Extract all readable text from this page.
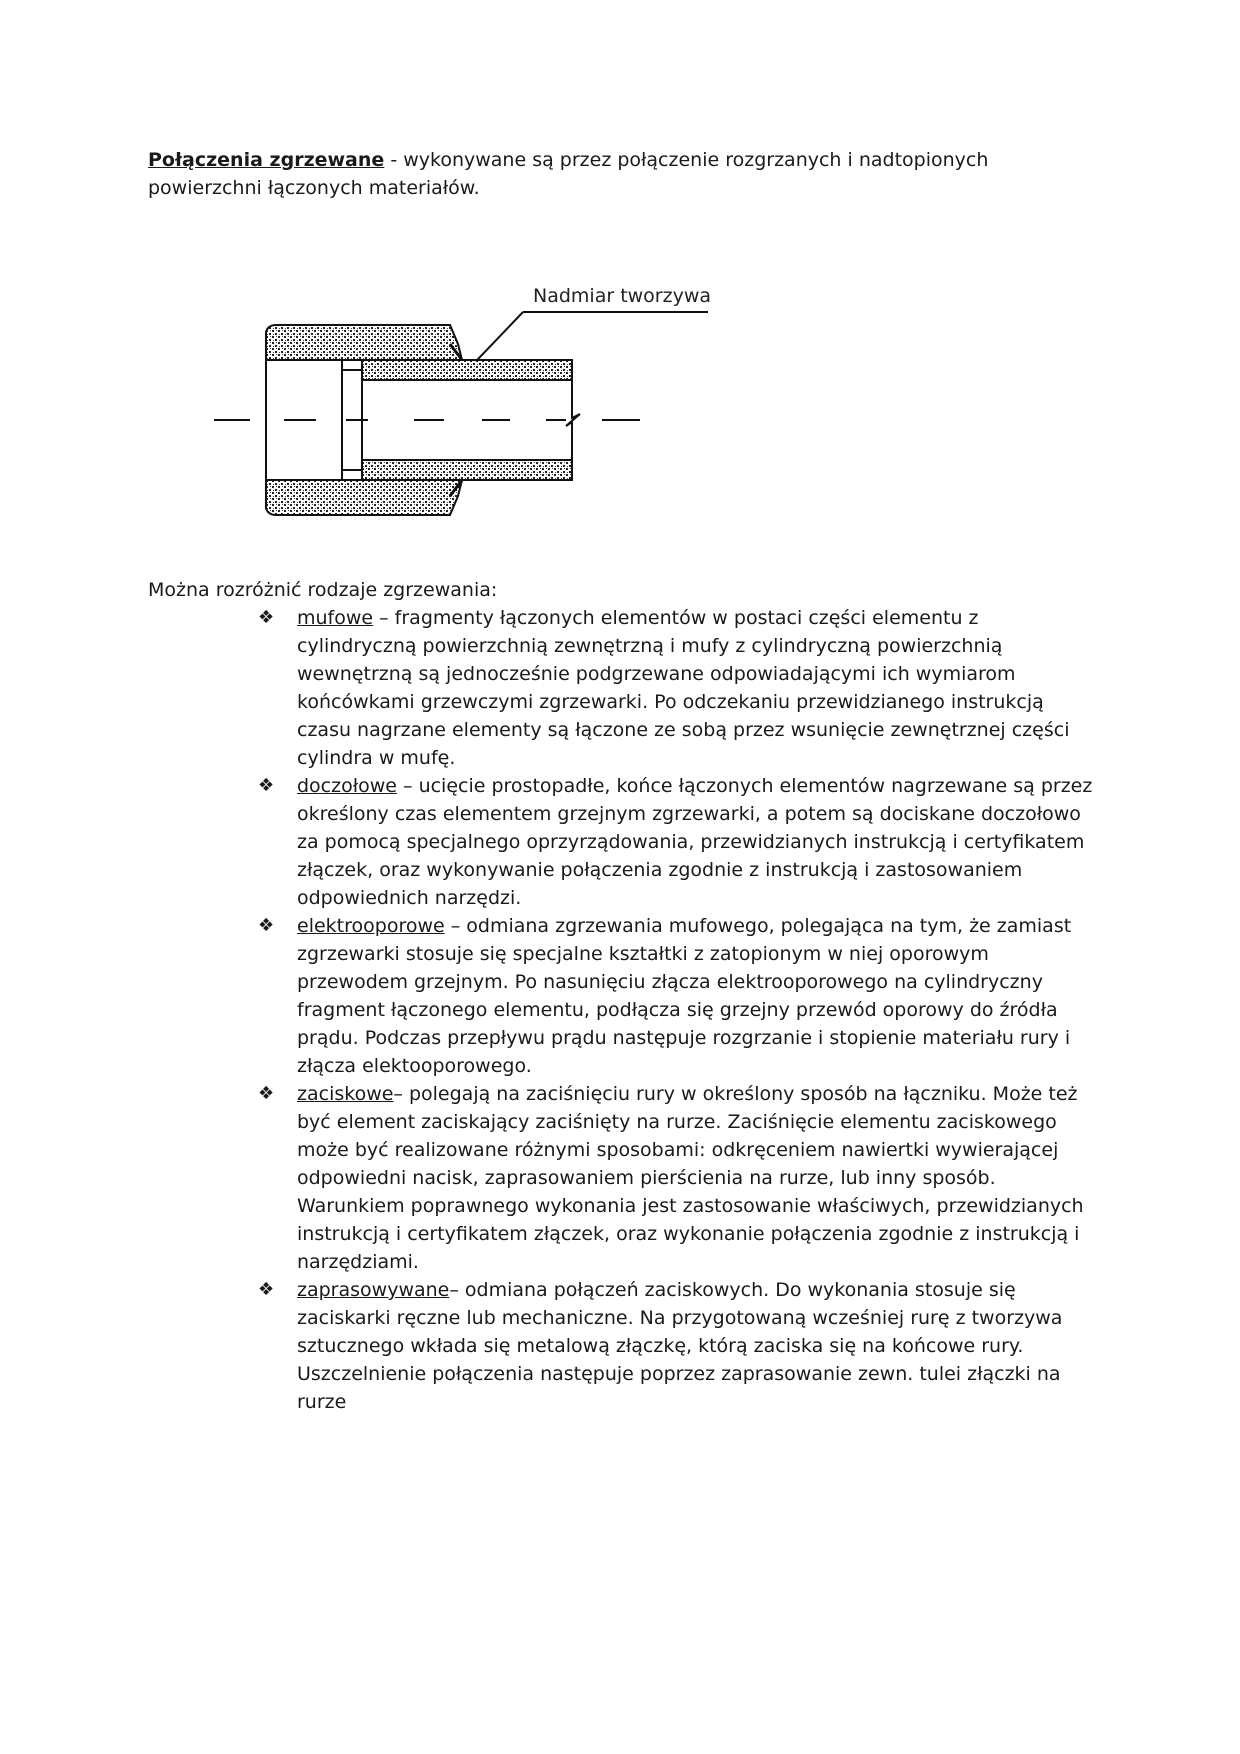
Połączenia zgrzewane - wykonywane są przez połączenie rozgrzanych i nadtopionych powierzchni łączonych materiałów.

Nadmiar tworzywa

Można rozróżnić rodzaje zgrzewania:

❖ mufowe – fragmenty łączonych elementów w postaci części elementu z cylindryczną powierzchnią zewnętrzną i mufy z cylindryczną powierzchnią wewnętrzną są jednocześnie podgrzewane odpowiadającymi ich wymiarom końcówkami grzewczymi zgrzewarki. Po odczekaniu przewidzianego instrukcją czasu nagrzane elementy są łączone ze sobą przez wsunięcie zewnętrznej części cylindra w mufę.
❖ doczołowe – ucięcie prostopadłe, końce łączonych elementów nagrzewane są przez określony czas elementem grzejnym zgrzewarki, a potem są dociskane doczołowo za pomocą specjalnego oprzyrządowania, przewidzianych instrukcją i certyfikatem złączek, oraz wykonywanie połączenia zgodnie z instrukcją i zastosowaniem odpowiednich narzędzi.
❖ elektrooporowe – odmiana zgrzewania mufowego, polegająca na tym, że zamiast zgrzewarki stosuje się specjalne kształtki z zatopionym w niej oporowym przewodem grzejnym. Po nasunięciu złącza elektrooporowego na cylindryczny fragment łączonego elementu, podłącza się grzejny przewód oporowy do źródła prądu. Podczas przepływu prądu następuje rozgrzanie i stopienie materiału rury i złącza elektooporowego.
❖ zaciskowe– polegają na zaciśnięciu rury w określony sposób na łączniku. Może też być element zaciskający zaciśnięty na rurze. Zaciśnięcie elementu zaciskowego może być realizowane różnymi sposobami: odkręceniem nawiertki wywierającej odpowiedni nacisk, zaprasowaniem pierścienia na rurze, lub inny sposób. Warunkiem poprawnego wykonania jest zastosowanie właściwych, przewidzianych instrukcją i certyfikatem złączek, oraz wykonanie połączenia zgodnie z instrukcją i narzędziami.
❖ zaprasowywane– odmiana połączeń zaciskowych. Do wykonania stosuje się zaciskarki ręczne lub mechaniczne. Na przygotowaną wcześniej rurę z tworzywa sztucznego wkłada się metalową złączkę, którą zaciska się na końcowe rury. Uszczelnienie połączenia następuje poprzez zaprasowanie zewn. tulei złączki na rurze
